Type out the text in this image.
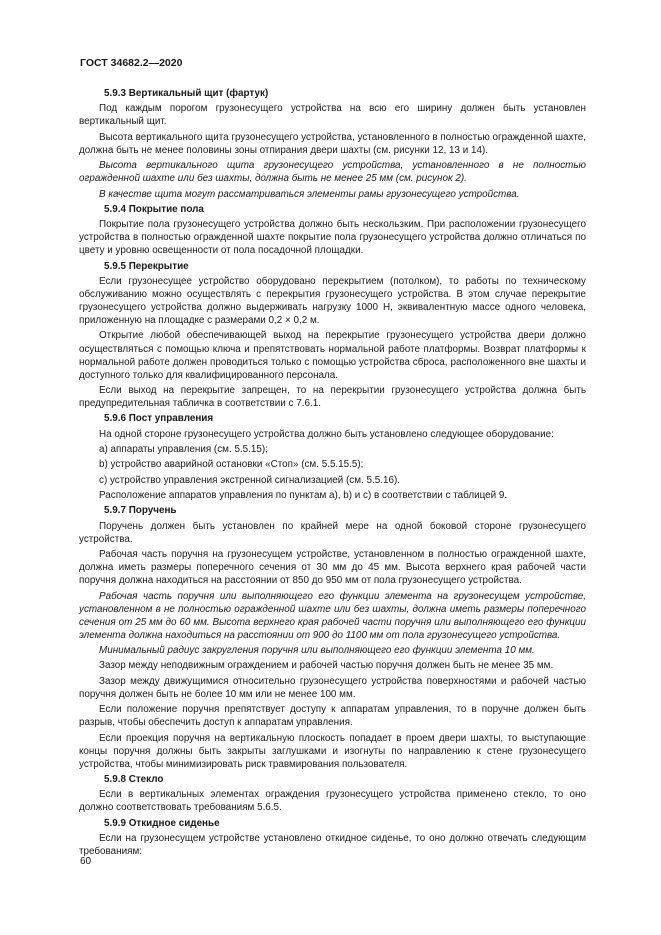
ГОСТ 34682.2—2020
5.9.3 Вертикальный щит (фартук)
Под каждым порогом грузонесущего устройства на всю его ширину должен быть установлен вертикальный щит.
Высота вертикального щита грузонесущего устройства, установленного в полностью огражденной шахте, должна быть не менее половины зоны отпирания двери шахты (см. рисунки 12, 13 и 14).
Высота вертикального щита грузонесущего устройства, установленного в не полностью огражденной шахте или без шахты, должна быть не менее 25 мм (см. рисунок 2).
В качестве щита могут рассматриваться элементы рамы грузонесущего устройства.
5.9.4 Покрытие пола
Покрытие пола грузонесущего устройства должно быть нескользким. При расположении грузонесущего устройства в полностью огражденной шахте покрытие пола грузонесущего устройства должно отличаться по цвету и уровню освещенности от пола посадочной площадки.
5.9.5 Перекрытие
Если грузонесущее устройство оборудовано перекрытием (потолком), то работы по техническому обслуживанию можно осуществлять с перекрытия грузонесущего устройства. В этом случае перекрытие грузонесущего устройства должно выдерживать нагрузку 1000 Н, эквивалентную массе одного человека, приложенную на площадке с размерами 0,2 × 0,2 м.
Открытие любой обеспечивающей выход на перекрытие грузонесущего устройства двери должно осуществляться с помощью ключа и препятствовать нормальной работе платформы. Возврат платформы к нормальной работе должен проводиться только с помощью устройства сброса, расположенного вне шахты и доступного только для квалифицированного персонала.
Если выход на перекрытие запрещен, то на перекрытии грузонесущего устройства должна быть предупредительная табличка в соответствии с 7.6.1.
5.9.6 Пост управления
На одной стороне грузонесущего устройства должно быть установлено следующее оборудование:
a) аппараты управления (см. 5.5.15);
b) устройство аварийной остановки «Стоп» (см. 5.5.15.5);
c) устройство управления экстренной сигнализацией (см. 5.5.16).
Расположение аппаратов управления по пунктам a), b) и c) в соответствии с таблицей 9.
5.9.7 Поручень
Поручень должен быть установлен по крайней мере на одной боковой стороне грузонесущего устройства.
Рабочая часть поручня на грузонесущем устройстве, установленном в полностью огражденной шахте, должна иметь размеры поперечного сечения от 30 мм до 45 мм. Высота верхнего края рабочей части поручня должна находиться на расстоянии от 850 до 950 мм от пола грузонесущего устройства.
Рабочая часть поручня или выполняющего его функции элемента на грузонесущем устройстве, установленном в не полностью огражденной шахте или без шахты, должна иметь размеры поперечного сечения от 25 мм до 60 мм. Высота верхнего края рабочей части поручня или выполняющего его функции элемента должна находиться на расстоянии от 900 до 1100 мм от пола грузонесущего устройства.
Минимальный радиус закругления поручня или выполняющего его функции элемента 10 мм.
Зазор между неподвижным ограждением и рабочей частью поручня должен быть не менее 35 мм.
Зазор между движущимися относительно грузонесущего устройства поверхностями и рабочей частью поручня должен быть не более 10 мм или не менее 100 мм.
Если положение поручня препятствует доступу к аппаратам управления, то в поручне должен быть разрыв, чтобы обеспечить доступ к аппаратам управления.
Если проекция поручня на вертикальную плоскость попадает в проем двери шахты, то выступающие концы поручня должны быть закрыты заглушками и изогнуты по направлению к стене грузонесущего устройства, чтобы минимизировать риск травмирования пользователя.
5.9.8 Стекло
Если в вертикальных элементах ограждения грузонесущего устройства применено стекло, то оно должно соответствовать требованиям 5.6.5.
5.9.9 Откидное сиденье
Если на грузонесущем устройстве установлено откидное сиденье, то оно должно отвечать следующим требованиям:
60
